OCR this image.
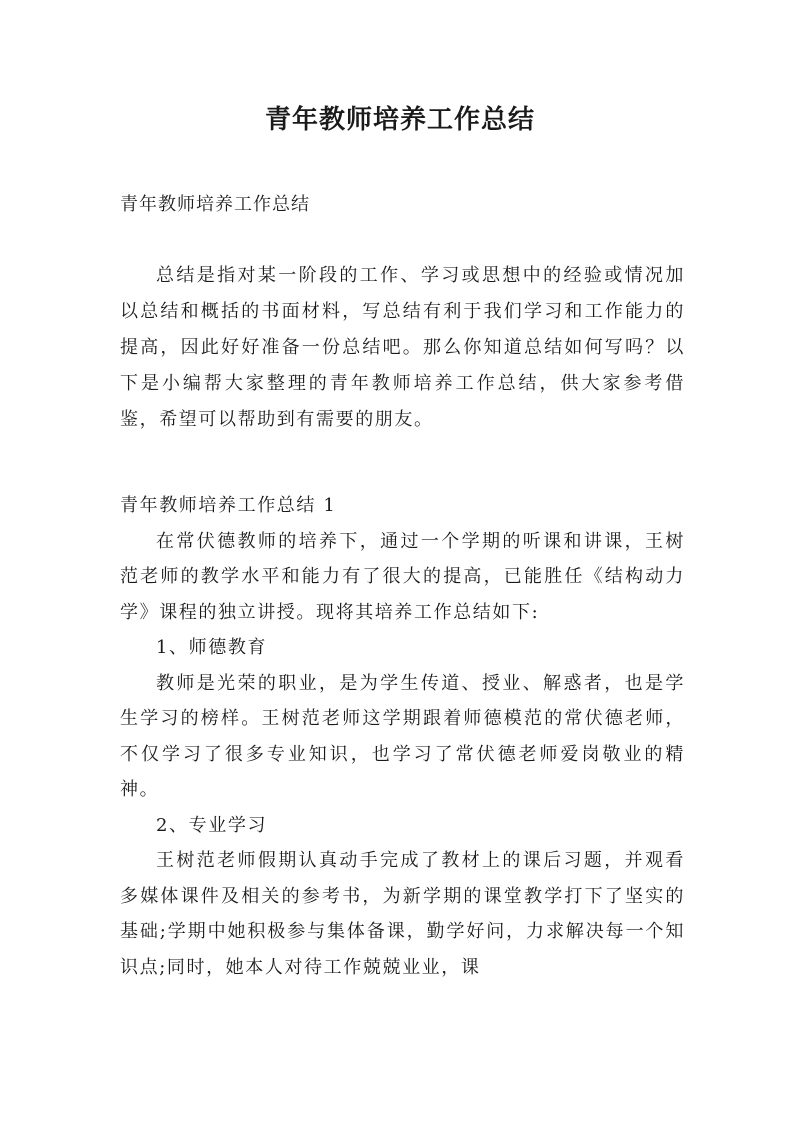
青年教师培养工作总结
青年教师培养工作总结

总结是指对某一阶段的工作、学习或思想中的经验或情况加以总结和概括的书面材料，写总结有利于我们学习和工作能力的提高，因此好好准备一份总结吧。那么你知道总结如何写吗？以下是小编帮大家整理的青年教师培养工作总结，供大家参考借鉴，希望可以帮助到有需要的朋友。

青年教师培养工作总结 1

在常伏德教师的培养下，通过一个学期的听课和讲课，王树范老师的教学水平和能力有了很大的提高，已能胜任《结构动力学》课程的独立讲授。现将其培养工作总结如下:

1、师德教育

教师是光荣的职业，是为学生传道、授业、解惑者，也是学生学习的榜样。王树范老师这学期跟着师德模范的常伏德老师，不仅学习了很多专业知识，也学习了常伏德老师爱岗敬业的精神。

2、专业学习

王树范老师假期认真动手完成了教材上的课后习题，并观看多媒体课件及相关的参考书，为新学期的课堂教学打下了坚实的基础;学期中她积极参与集体备课，勤学好问，力求解决每一个知识点;同时，她本人对待工作兢兢业业，课
